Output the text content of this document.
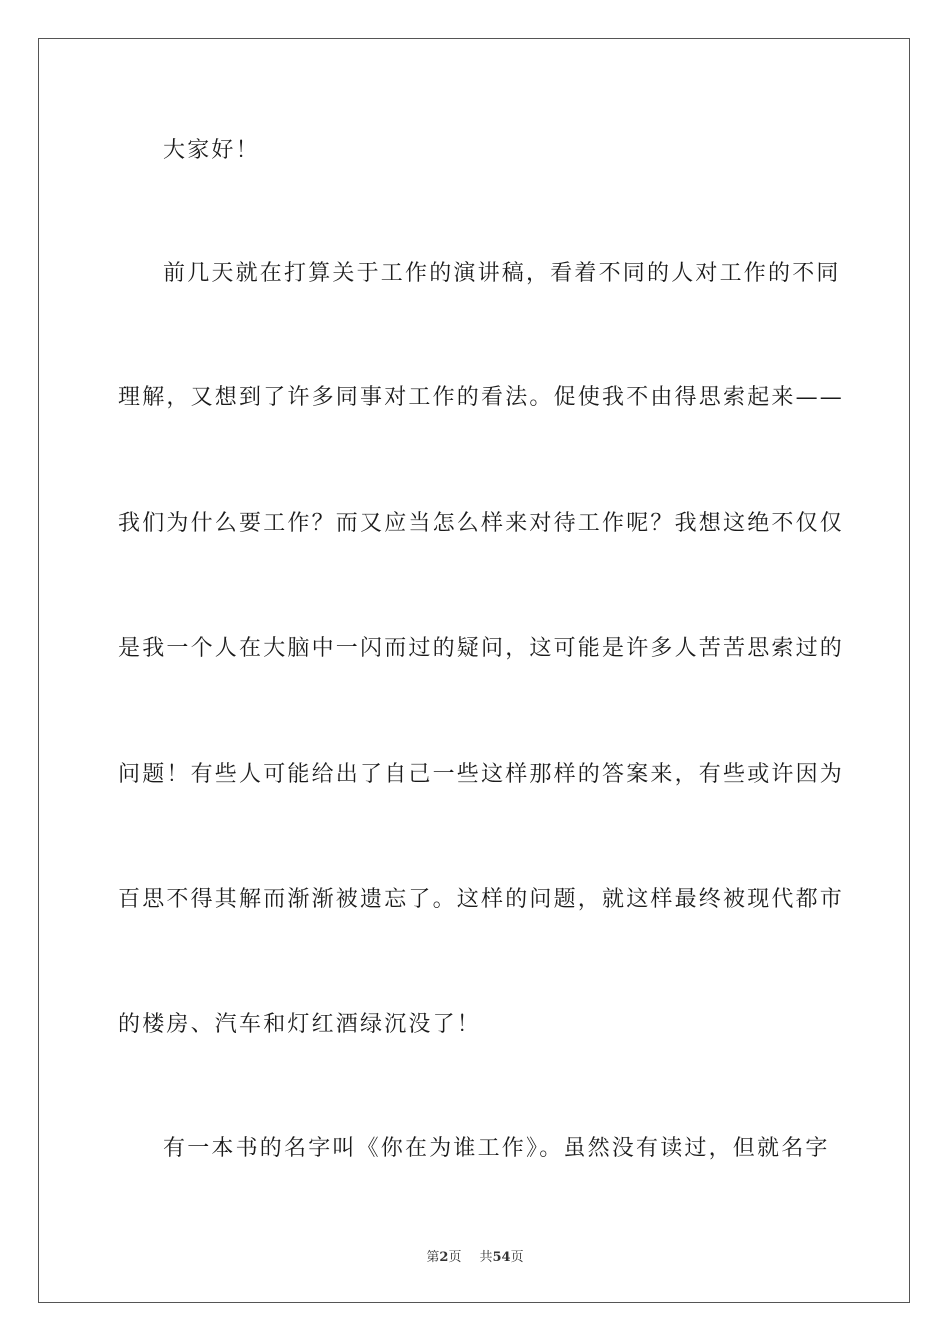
大家好！
前几天就在打算关于工作的演讲稿，看着不同的人对工作的不同
理解，又想到了许多同事对工作的看法。促使我不由得思索起来——
我们为什么要工作？而又应当怎么样来对待工作呢？我想这绝不仅仅
是我一个人在大脑中一闪而过的疑问，这可能是许多人苦苦思索过的
问题！有些人可能给出了自己一些这样那样的答案来，有些或许因为
百思不得其解而渐渐被遗忘了。这样的问题，就这样最终被现代都市
的楼房、汽车和灯红酒绿沉没了！
有一本书的名字叫《你在为谁工作》。虽然没有读过，但就名字
第2页 共54页
